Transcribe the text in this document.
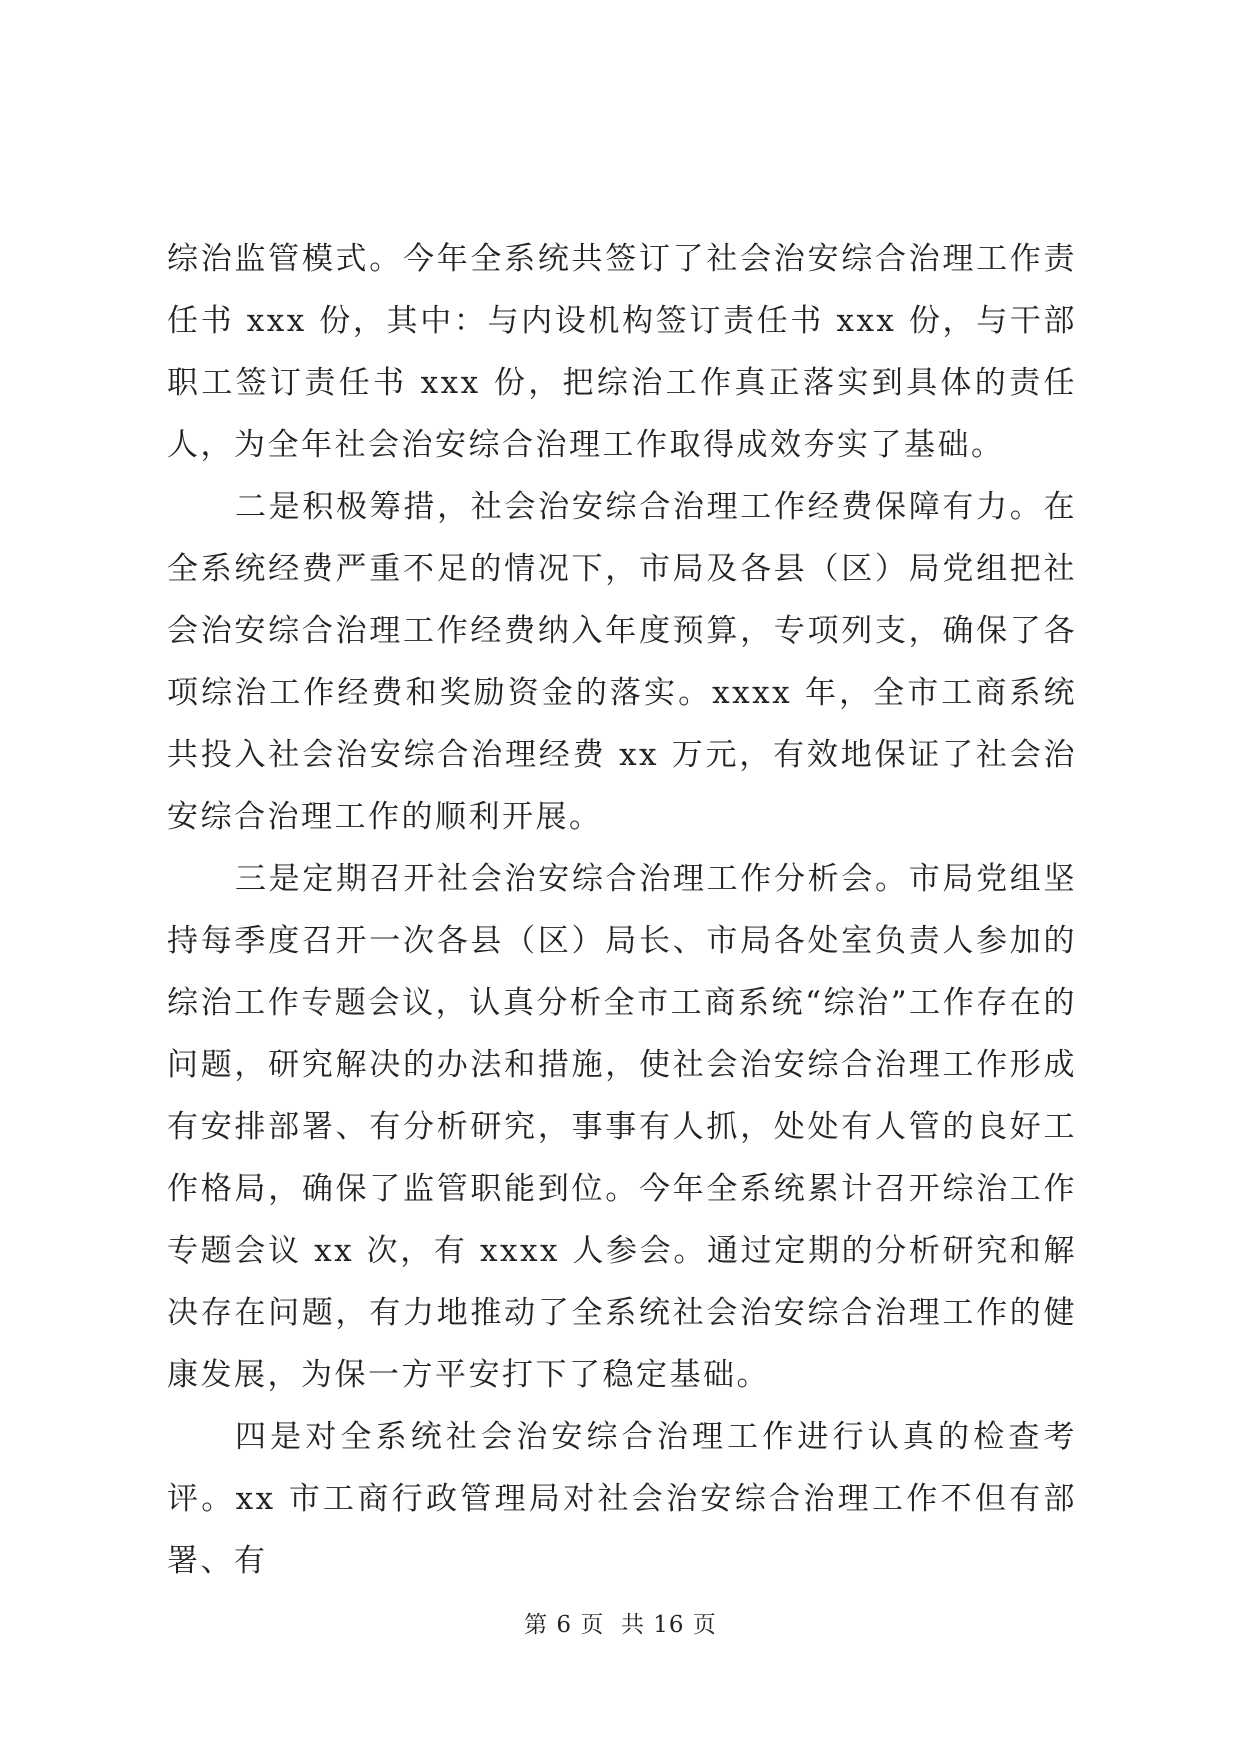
综治监管模式。今年全系统共签订了社会治安综合治理工作责任书 xxx 份，其中：与内设机构签订责任书 xxx 份，与干部职工签订责任书 xxx 份，把综治工作真正落实到具体的责任人，为全年社会治安综合治理工作取得成效夯实了基础。

二是积极筹措，社会治安综合治理工作经费保障有力。在全系统经费严重不足的情况下，市局及各县（区）局党组把社会治安综合治理工作经费纳入年度预算，专项列支，确保了各项综治工作经费和奖励资金的落实。xxxx 年，全市工商系统共投入社会治安综合治理经费 xx 万元，有效地保证了社会治安综合治理工作的顺利开展。

三是定期召开社会治安综合治理工作分析会。市局党组坚持每季度召开一次各县（区）局长、市局各处室负责人参加的综治工作专题会议，认真分析全市工商系统“综治”工作存在的问题，研究解决的办法和措施，使社会治安综合治理工作形成有安排部署、有分析研究，事事有人抓，处处有人管的良好工作格局，确保了监管职能到位。今年全系统累计召开综治工作专题会议 xx 次，有 xxxx 人参会。通过定期的分析研究和解决存在问题，有力地推动了全系统社会治安综合治理工作的健康发展，为保一方平安打下了稳定基础。

四是对全系统社会治安综合治理工作进行认真的检查考评。xx 市工商行政管理局对社会治安综合治理工作不但有部署、有

第 6 页  共 16 页
